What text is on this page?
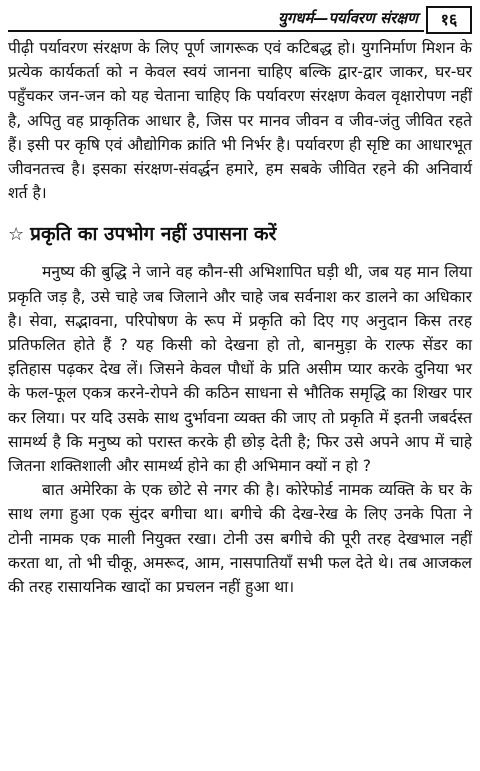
युगधर्म—पर्यावरण संरक्षण	१६

पीढ़ी पर्यावरण संरक्षण के लिए पूर्ण जागरूक एवं कटिबद्ध हो। युगनिर्माण मिशन के प्रत्येक कार्यकर्ता को न केवल स्वयं जानना चाहिए बल्कि द्वार-द्वार जाकर, घर-घर पहुँचकर जन-जन को यह चेताना चाहिए कि पर्यावरण संरक्षण केवल वृक्षारोपण नहीं है, अपितु वह प्राकृतिक आधार है, जिस पर मानव जीवन व जीव-जंतु जीवित रहते हैं। इसी पर कृषि एवं औद्योगिक क्रांति भी निर्भर है। पर्यावरण ही सृष्टि का आधारभूत जीवनतत्त्व है। इसका संरक्षण-संवर्द्धन हमारे, हम सबके जीवित रहने की अनिवार्य शर्त है।

☆ प्रकृति का उपभोग नहीं उपासना करें

मनुष्य की बुद्धि ने जाने वह कौन-सी अभिशापित घड़ी थी, जब यह मान लिया प्रकृति जड़ है, उसे चाहे जब जिलाने और चाहे जब सर्वनाश कर डालने का अधिकार है। सेवा, सद्भावना, परिपोषण के रूप में प्रकृति को दिए गए अनुदान किस तरह प्रतिफलित होते हैं ? यह किसी को देखना हो तो, बानमुड़ा के राल्फ सेंडर का इतिहास पढ़कर देख लें। जिसने केवल पौधों के प्रति असीम प्यार करके दुनिया भर के फल-फूल एकत्र करने-रोपने की कठिन साधना से भौतिक समृद्धि का शिखर पार कर लिया। पर यदि उसके साथ दुर्भावना व्यक्त की जाए तो प्रकृति में इतनी जबर्दस्त सामर्थ्य है कि मनुष्य को परास्त करके ही छोड़ देती है; फिर उसे अपने आप में चाहे जितना शक्तिशाली और सामर्थ्य होने का ही अभिमान क्यों न हो ?

बात अमेरिका के एक छोटे से नगर की है। कोरेफोर्ड नामक व्यक्ति के घर के साथ लगा हुआ एक सुंदर बगीचा था। बगीचे की देख-रेख के लिए उनके पिता ने टोनी नामक एक माली नियुक्त रखा। टोनी उस बगीचे की पूरी तरह देखभाल नहीं करता था, तो भी चीकू, अमरूद, आम, नासपातियाँ सभी फल देते थे। तब आजकल की तरह रासायनिक खादों का प्रचलन नहीं हुआ था।
